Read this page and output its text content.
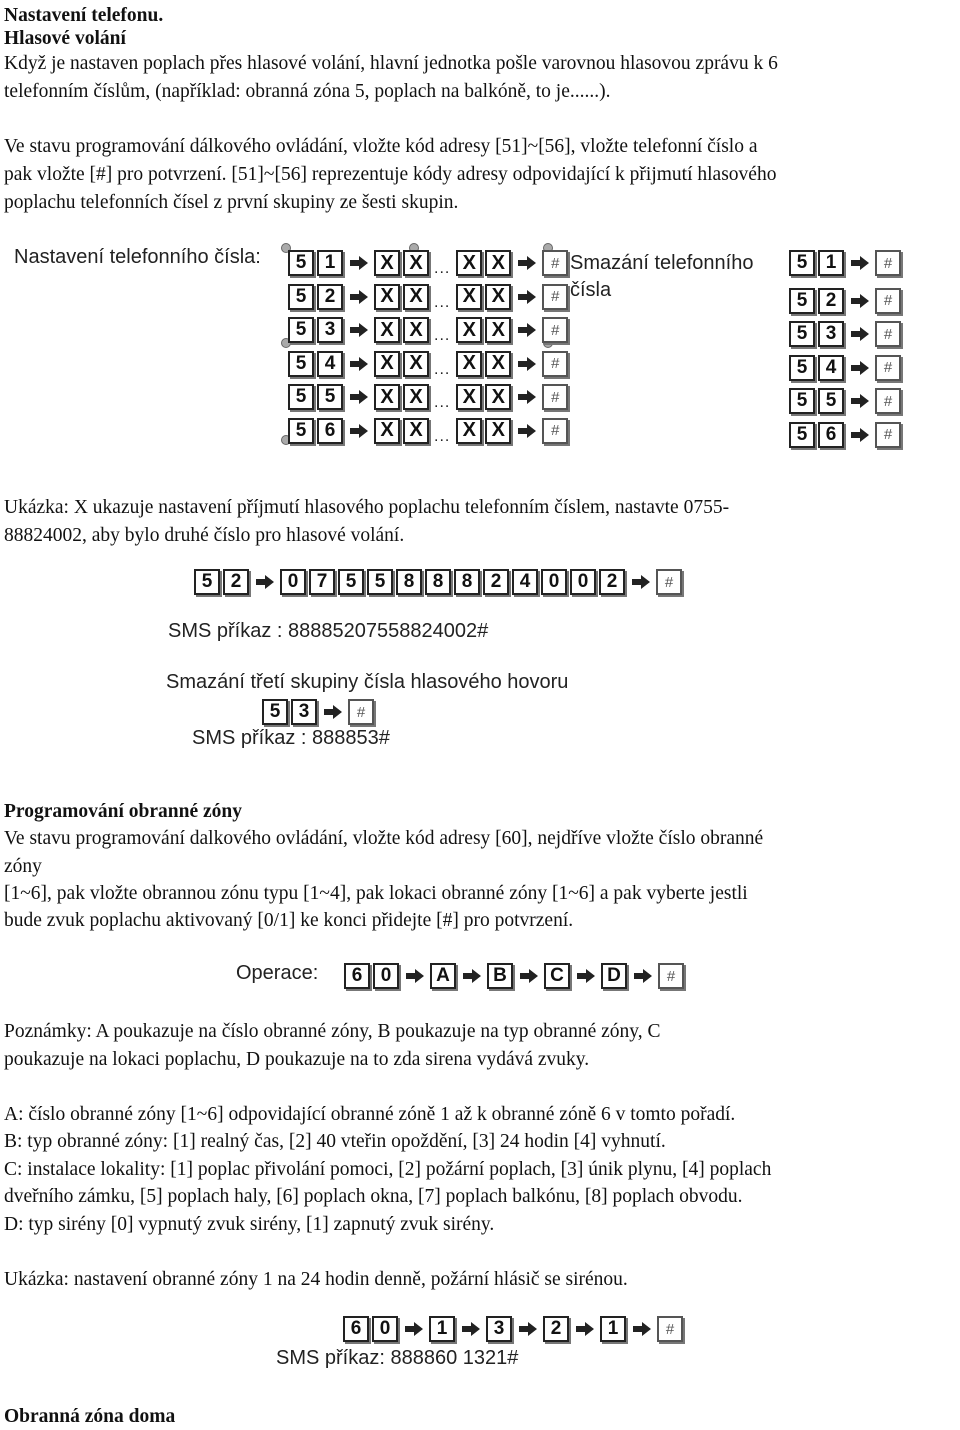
Nastavení telefonu.
Hlasové volání
Když je nastaven poplach přes hlasové volání, hlavní jednotka pošle varovnou hlasovou zprávu k 6
telefonním číslům, (například: obranná zóna 5, poplach na balkóně, to je......).
Ve stavu programování dálkového ovládání, vložte kód adresy [51]~[56], vložte telefonní číslo a
pak vložte [#] pro potvrzení. [51]~[56] reprezentuje kódy adresy odpovidající k přijmutí hlasového
poplachu telefonních čísel z první skupiny ze šesti skupin.
Nastavení telefonního čísla:	Smazání telefonního
čísla
5 1	X X ... X X	#	5 1	#
5 2	X X ... X X	#	5 2	#
5 3	X X ... X X	#	5 3	#
5 4	X X ... X X	#	5 4	#
5 5	X X ... X X	#	5 5	#
5 6	X X ... X X	#	5 6	#
Ukázka: X ukazuje nastavení příjmutí hlasového poplachu telefonním číslem, nastavte 0755-
88824002, aby bylo druhé číslo pro hlasové volání.
5 2	0 7 5 5 8 8 8 2 4 0 0 2	#
SMS příkaz : 88885207558824002#
Smazání třetí skupiny čísla hlasového hovoru
5 3	#
SMS příkaz : 888853#
Programování obranné zóny
Ve stavu programování dalkového ovládání, vložte kód adresy [60], nejdříve vložte číslo obranné
zóny
[1~6], pak vložte obrannou zónu typu [1~4], pak lokaci obranné zóny [1~6] a pak vyberte jestli
bude zvuk poplachu aktivovaný [0/1] ke konci přidejte [#] pro potvrzení.
Operace:	6 0	A	B	C	D	#
Poznámky: A poukazuje na číslo obranné zóny, B poukazuje na typ obranné zóny, C
poukazuje na lokaci poplachu, D poukazuje na to zda sirena vydává zvuky.
A: číslo obranné zóny [1~6] odpovidající obranné zóně 1 až k obranné zóně 6 v tomto pořadí.
B: typ obranné zóny: [1] realný čas, [2] 40 vteřin opoždění, [3] 24 hodin [4] vyhnutí.
C: instalace lokality: [1] poplac přivolání pomoci, [2] požární poplach, [3] únik plynu, [4] poplach
dveřního zámku, [5] poplach haly, [6] poplach okna, [7] poplach balkónu, [8] poplach obvodu.
D: typ sirény [0] vypnutý zvuk sirény, [1] zapnutý zvuk sirény.
Ukázka: nastavení obranné zóny 1 na 24 hodin denně, požární hlásič se sirénou.
6 0	1	3	2	1	#
SMS příkaz: 888860 1321#
Obranná zóna doma
